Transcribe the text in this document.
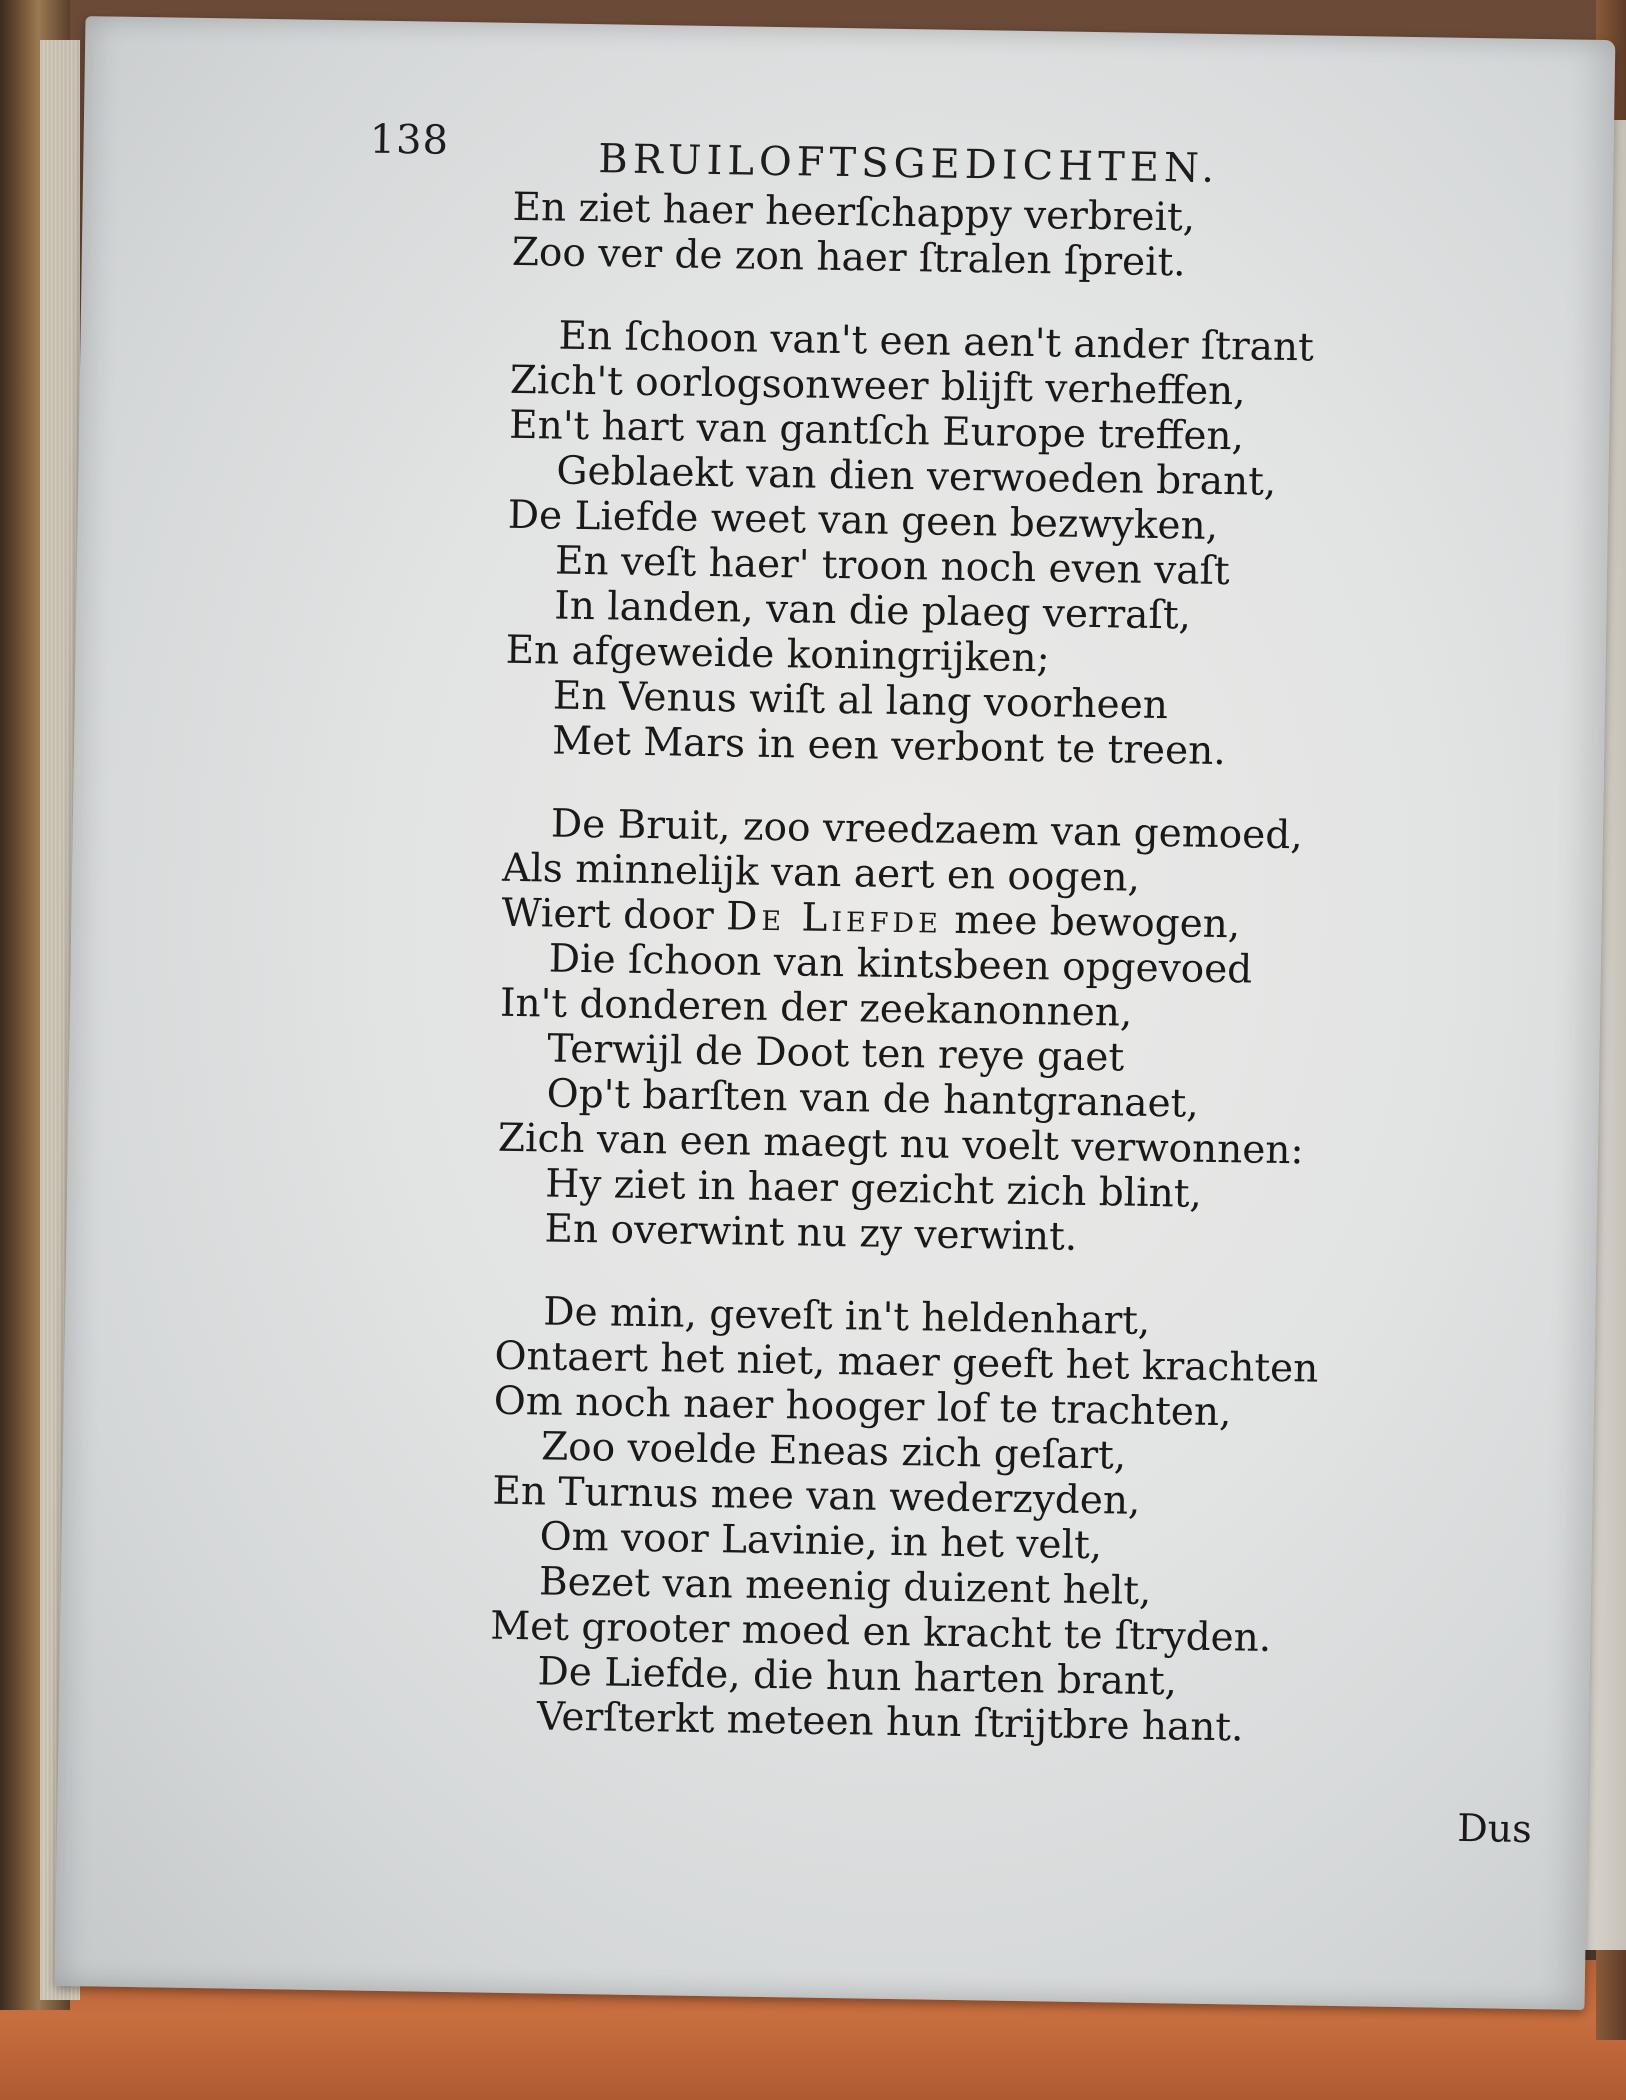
138	BRUILOFTSGEDICHTEN.
En ziet haer heerſchappy verbreit,
Zoo ver de zon haer ſtralen ſpreit.
En ſchoon van't een aen't ander ſtrant
Zich't oorlogsonweer blijft verheffen,
En't hart van gantſch Europe treffen,
Geblaekt van dien verwoeden brant,
De Liefde weet van geen bezwyken,
En veſt haer' troon noch even vaſt
In landen, van die plaeg verraſt,
En afgeweide koningrijken;
En Venus wiſt al lang voorheen
Met Mars in een verbont te treen.
De Bruit, zoo vreedzaem van gemoed,
Als minnelijk van aert en oogen,
Wiert door De Liefde mee bewogen,
Die ſchoon van kintsbeen opgevoed
In't donderen der zeekanonnen,
Terwijl de Doot ten reye gaet
Op't barſten van de hantgranaet,
Zich van een maegt nu voelt verwonnen:
Hy ziet in haer gezicht zich blint,
En overwint nu zy verwint.
De min, geveſt in't heldenhart,
Ontaert het niet, maer geeft het krachten
Om noch naer hooger lof te trachten,
Zoo voelde Eneas zich geſart,
En Turnus mee van wederzyden,
Om voor Lavinie, in het velt,
Bezet van meenig duizent helt,
Met grooter moed en kracht te ſtryden.
De Liefde, die hun harten brant,
Verſterkt meteen hun ſtrijtbre hant.
Dus
